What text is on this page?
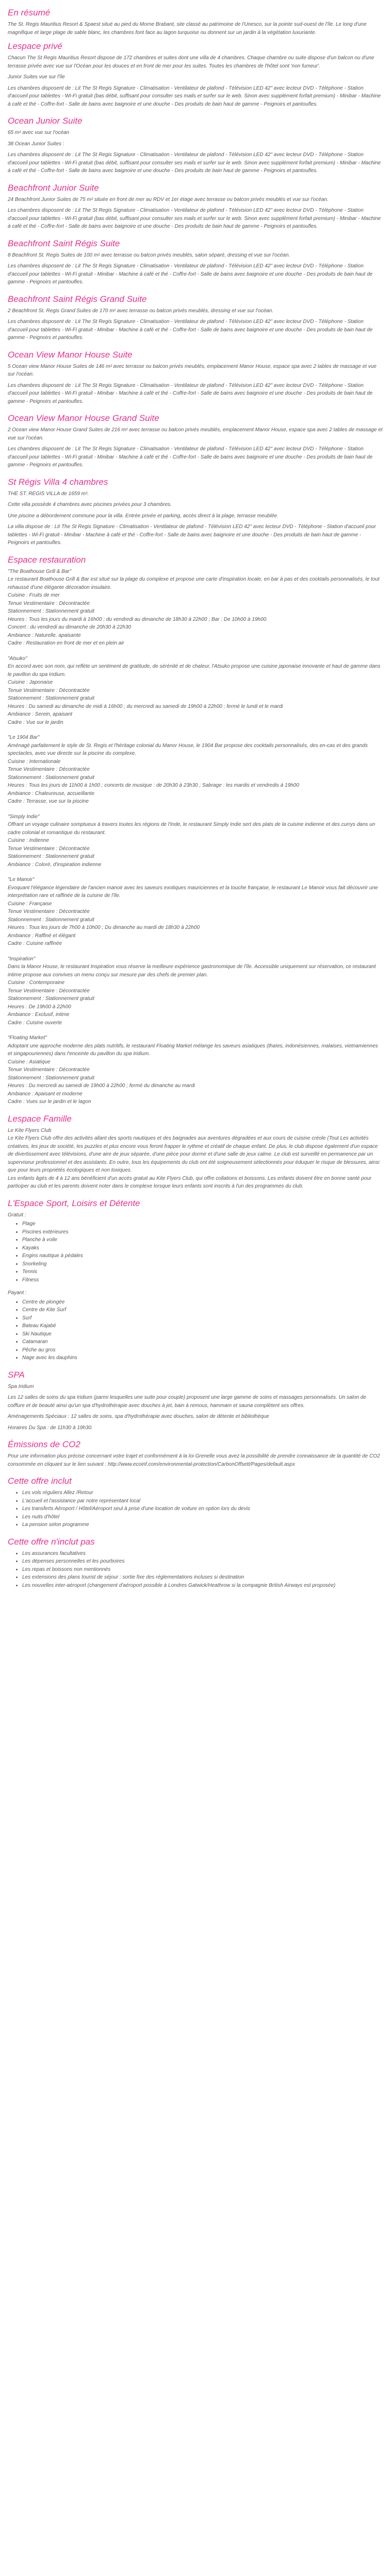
En résumé

The St. Regis Mauritius Resort & Spaest situé au pied du Morne Brabant, site classé au patrimoine de l'Unesco, sur la pointe sud-ouest de l'île. Le long d'une magnifique et large plage de sable blanc, les chambres font face au lagon turquoise ou donnent sur un jardin à la végétation luxuriante.

Lespace privé

Chacun The St Regis Mauritius Resort dispose de 172 chambres et suites dont une villa de 4 chambres. Chaque chambre ou suite dispose d'un balcon ou d'une terrasse privée avec vue sur l'Océan pour les douces et en front de mer pour les suites. Toutes les chambres de l'hôtel sont 'non fumeur'.

Junior Suites vue sur l'île

Les chambres disposent de : Lit The St Regis Signature - Climatisation - Ventilateur de plafond - Télévision LED 42" avec lecteur DVD - Téléphone - Station d'accueil pour tablettes - Wi-Fi gratuit (bas débit, suffisant pour consulter ses mails et surfer sur le web. Sinon avec supplément forfait premium) - Minibar - Machine à café et thé - Coffre-fort - Salle de bains avec baignoire et une douche - Des produits de bain haut de gamme - Peignoirs et pantoufles.

Ocean Junior Suite

65 m² avec vue sur l'océan

38 Ocean Junior Suites :

Les chambres disposent de : Lit The St Regis Signature - Climatisation - Ventilateur de plafond - Télévision LED 42" avec lecteur DVD - Téléphone - Station d'accueil pour tablettes - Wi-Fi gratuit (bas débit, suffisant pour consulter ses mails et surfer sur le web. Sinon avec supplément forfait premium) - Minibar - Machine à café et thé - Coffre-fort - Salle de bains avec baignoire et une douche - Des produits de bain haut de gamme - Peignoirs et pantoufles.

Beachfront Junior Suite

24 Beachfront Junior Suites de 75 m² située en front de mer au RDV et 1er étage avec terrasse ou balcon privés meublés et vue sur l'océan.

Les chambres disposent de : Lit The St Regis Signature - Climatisation - Ventilateur de plafond - Télévision LED 42" avec lecteur DVD - Téléphone - Station d'accueil pour tablettes - Wi-Fi gratuit (bas débit, suffisant pour consulter ses mails et surfer sur le web. Sinon avec supplément forfait premium) - Minibar - Machine à café et thé - Coffre-fort - Salle de bains avec baignoire et une douche - Des produits de bain haut de gamme - Peignoirs et pantoufles.

Beachfront Saint Régis Suite

8 Beachfront St. Regis Suites de 100 m² avec terrasse ou balcon privés meublés, salon séparé, dressing et vue sur l'océan.

Les chambres disposent de : Lit The St Regis Signature - Climatisation - Ventilateur de plafond - Télévision LED 42" avec lecteur DVD - Téléphone - Station d'accueil pour tablettes - Wi-Fi gratuit - Minibar - Machine à café et thé - Coffre-fort - Salle de bains avec baignoire et une douche - Des produits de bain haut de gamme - Peignoirs et pantoufles.

Beachfront Saint Régis Grand Suite

2 Beachfront St. Regis Grand Suites de 170 m² avec terrasse ou balcon privés meublés, dressing et vue sur l'océan.

Les chambres disposent de : Lit The St Regis Signature - Climatisation - Ventilateur de plafond - Télévision LED 42" avec lecteur DVD - Téléphone - Station d'accueil pour tablettes - Wi-Fi gratuit - Minibar - Machine à café et thé - Coffre-fort - Salle de bains avec baignoire et une douche - Des produits de bain haut de gamme - Peignoirs et pantoufles.

Ocean View Manor House Suite

5 Ocean view Manor House Suites de 146 m² avec terrasse ou balcon privés meublés, emplacement Manor House, espace spa avec 2 tables de massage et vue sur l'océan.

Les chambres disposent de : Lit The St Regis Signature - Climatisation - Ventilateur de plafond - Télévision LED 42" avec lecteur DVD - Téléphone - Station d'accueil pour tablettes - Wi-Fi gratuit - Minibar - Machine à café et thé - Coffre-fort - Salle de bains avec baignoire et une douche - Des produits de bain haut de gamme - Peignoirs et pantoufles.

Ocean View Manor House Grand Suite

2 Ocean view Manor House Grand Suites de 216 m² avec terrasse ou balcon privés meublés, emplacement Manor House, espace spa avec 2 tables de massage et vue sur l'océan.

Les chambres disposent de : Lit The St Regis Signature - Climatisation - Ventilateur de plafond - Télévision LED 42" avec lecteur DVD - Téléphone - Station d'accueil pour tablettes - Wi-Fi gratuit - Minibar - Machine à café et thé - Coffre-fort - Salle de bains avec baignoire et une douche - Des produits de bain haut de gamme - Peignoirs et pantoufles.

St Régis Villa 4 chambres

THE ST. REGIS VILLA de 1659 m².

Cette villa possède 4 chambres avec piscines privées pour 3 chambres.

Une piscine a débordement commune pour la villa. Entrée privée et parking, accès direct à la plage, terrasse meublée.

La villa dispose de : Lit The St Regis Signature - Climatisation - Ventilateur de plafond - Télévision LED 42" avec lecteur DVD - Téléphone - Station d'accueil pour tablettes - Wi-Fi gratuit - Minibar - Machine à café et thé - Coffre-fort - Salle de bains avec baignoire et une douche - Des produits de bain haut de gamme - Peignoirs et pantoufles.

Espace restauration
"The Boathouse Grill & Bar"
Le restaurant Boathouse Grill & Bar est situé sur la plage du complexe et propose une carte d'inspiration locale, en bar à pas et des cocktails personnalisés, le tout rehaussé d'une élégante décoration insulaire.
Cuisine : Fruits de mer
Tenue Vestimentaire : Décontractée
Stationnement : Stationnement gratuit
Heures : Tous les jours du mardi à 16h00 ; du vendredi au dimanche de 18h30 à 22h00 ; Bar : De 10h00 à 19h00.
Concert : du vendredi au dimanche de 20h30 à 22h30
Ambiance : Naturelle, apaisante
Cadre : Restauration en front de mer et en plein air
"Atsuko"
En accord avec son nom, qui reflète un sentiment de gratitude, de sérénité et de chaleur, l'Atsuko propose une cuisine japonaise innovante et haut de gamme dans le pavillon du spa Iridium.
Cuisine : Japonaise
Tenue Vestimentaire : Décontractée
Stationnement : Stationnement gratuit
Heures : Du samedi au dimanche de midi à 16h00 ; du mercredi au samedi de 19h00 à 22h00 ; fermé le lundi et le mardi
Ambiance : Serein, apaisant
Cadre : Vue sur le jardin
"Le 1904 Bar"
Aménagé parfaitement le style de St. Regis et l'héritage colonial du Manor House, le 1904 Bar propose des cocktails personnalisés, des en-cas et des grands spectacles, avec vue directe sur la piscine du complexe.
Cuisine : Internationale
Tenue Vestimentaire : Décontractée
Stationnement : Stationnement gratuit
Heures : Tous les jours de 11h00 à 1h00 ; concerts de musique : de 20h30 à 23h30 ; Sabrage : les mardis et vendredis à 19h00
Ambiance : Chaleureuse, accueillante
Cadre : Terrasse, vue sur la piscine
"Simply Indie"
Offrant un voyage culinaire somptueux à travers toutes les régions de l'Inde, le restaurant Simply Indie sert des plats de la cuisine indienne et des currys dans un cadre colonial et romantique du restaurant.
Cuisine : Indienne
Tenue Vestimentaire : Décontractée
Stationnement : Stationnement gratuit
Ambiance : Coloré, d'inspiration indienne
"Le Manoir"
Evoquant l'élégance légendaire de l'ancien manoir avec les saveurs exotiques mauriciennes et la touche française, le restaurant Le Manoir vous fait découvrir une interprétation rare et raffinée de la cuisine de l'île.
Cuisine : Française
Tenue Vestimentaire : Décontractée
Stationnement : Stationnement gratuit
Heures : Tous les jours de 7h00 à 10h00 ; Du dimanche au mardi de 18h30 à 22h00
Ambiance : Raffiné et élégant
Cadre : Cuisine raffinée
"Inspiration"
Dans la Manor House, le restaurant Inspiration vous réserve la meilleure expérience gastronomique de l'île. Accessible uniquement sur réservation, ce restaurant intime propose aux convives un menu conçu sur mesure par des chefs de premier plan.
Cuisine : Contemporaine
Tenue Vestimentaire : Décontractée
Stationnement : Stationnement gratuit
Heures : De 19h00 à 22h00
Ambiance : Exclusif, intime
Cadre : Cuisine ouverte
"Floating Market"
Adoptant une approche moderne des plats nutritifs, le restaurant Floating Market mélange les saveurs asiatiques (thaïes, indonésiennes, malaises, vietnamiennes et singapouriennes) dans l'enceinte du pavillon du spa Iridium.
Cuisine : Asiatique
Tenue Vestimentaire : Décontractée
Stationnement : Stationnement gratuit
Heures : Du mercredi au samedi de 19h00 à 22h00 ; fermé du dimanche au mardi
Ambiance : Apaisant et moderne
Cadre : Vues sur le jardin et le lagon
Lespace Famille
Le Kite Flyers Club
Le Kite Flyers Club offre des activités allant des sports nautiques et des baignades aux aventures dégradées et aux cours de cuisine créole (Tout Les activités créatives, les jeux de société, les puzzles et plus encore vous feront frapper le rythme et créatif de chaque enfant. De plus, le club dispose également d'un espace de divertissement avec télévisions, d'une aire de jeux séparée, d'une pièce pour dormir et d'une salle de jeux calme. Le club est surveillé en permanence par un superviseur professionnel et des assistants. En outre, tous les équipements du club ont été soigneusement sélectionnés pour éduquer le risque de blessures, ainsi que pour leurs propriétés écologiques et non toxiques.
Les enfants âgés de 4 à 12 ans bénéficient d'un accès gratuit au Kite Flyers Club, qui offre collations et boissons. Les enfants doivent être en bonne santé pour participer au club et les parents doivent noter dans le complexe lorsque leurs enfants sont inscrits à l'un des programmes du club.
L'Espace Sport, Loisirs et Détente
Gratuit :
• Plage
• Piscines extérieures
• Planche à voile
• Kayaks
• Engins nautique à pédales
• Snorkeling
• Tennis
• Fitness
Payant :
• Centre de plongée
• Centre de Kite Surf
• Surf
• Bateau Kajabé
• Ski Nautique
• Catamaran
• Pêche au gros
• Nage avec les dauphins
SPA

Spa Iridium

Les 12 salles de soins du spa Iridium (parmi lesquelles une suite pour couple) proposent une large gamme de soins et massages personnalisés. Un salon de coiffure et de beauté ainsi qu'un spa d'hydrothérapie avec douches à jet, bain à remous, hammam et sauna complètent ses offres.

Aménagements Spéciaux : 12 salles de soins, spa d'hydrothérapie avec douches, salon de détente et bibliothèque

Horaires Du Spa : de 11h30 à 19h30.

Émissions de CO2

Pour une information plus précise concernant votre trajet et conformément à la loi Grenelle vous avez la possibilité de prendre connaissance de la quantité de CO2 consommée en cliquant sur le lien suivant : http://www.ecoinf.com/environmental-protection/CarbonOffsett/Pages/default.aspx

Cette offre inclut
• Les vols réguliers Allez /Retour
• L'accueil et l'assistance par notre représentant local
• Les transferts Aéroport / Hôtel/Aéroport seul à prise d'une location de voiture en option lors du devis
• Les nuits d'hôtel
• La pension selon programme
Cette offre n'inclut pas
• Les assurances facultatives
• Les dépenses personnelles et les pourboires
• Les repas et boissons non mentionnés
• Les extensions des plans tourist de séjour : sortie fixe des réglementations incluses si destination
• Les nouvelles inter-aéroport (changement d'aéroport possible à Londres Gatwick/Heathrow si la compagnie British Airways est proposée)
